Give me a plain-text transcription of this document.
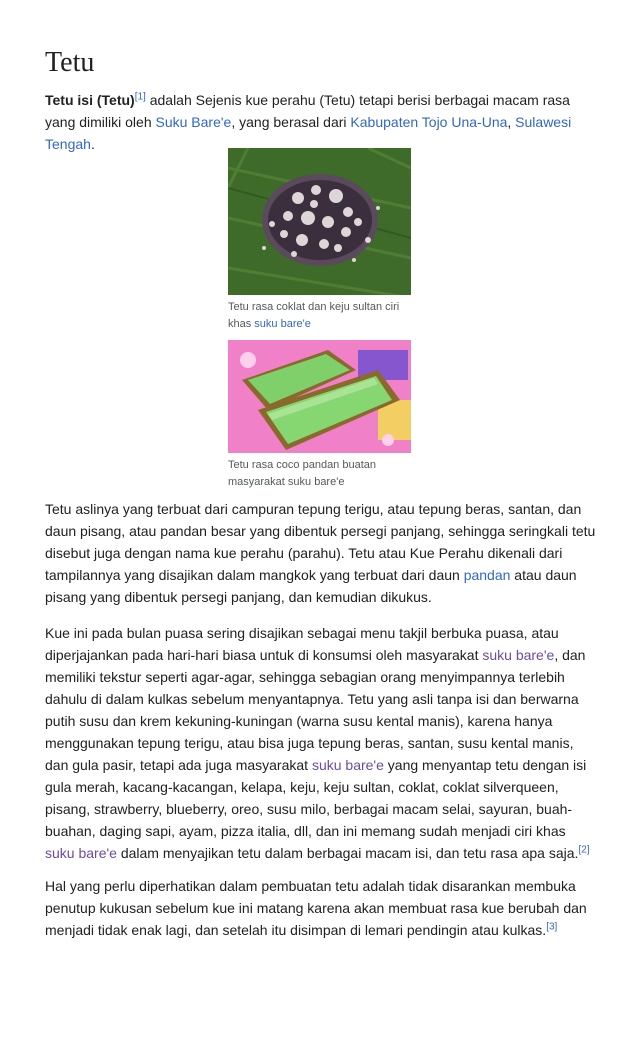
Tetu

Tetu isi (Tetu)[1] adalah Sejenis kue perahu (Tetu) tetapi berisi berbagai macam rasa yang dimiliki oleh Suku Bare'e, yang berasal dari Kabupaten Tojo Una-Una, Sulawesi Tengah.

Tetu rasa coklat dan keju sultan ciri khas suku bare'e
Tetu rasa coco pandan buatan masyarakat suku bare'e

Tetu aslinya yang terbuat dari campuran tepung terigu, atau tepung beras, santan, dan daun pisang, atau pandan besar yang dibentuk persegi panjang, sehingga seringkali tetu disebut juga dengan nama kue perahu (parahu). Tetu atau Kue Perahu dikenali dari tampilannya yang disajikan dalam mangkok yang terbuat dari daun pandan atau daun pisang yang dibentuk persegi panjang, dan kemudian dikukus.

Kue ini pada bulan puasa sering disajikan sebagai menu takjil berbuka puasa, atau diperjajankan pada hari-hari biasa untuk di konsumsi oleh masyarakat suku bare'e, dan memiliki tekstur seperti agar-agar, sehingga sebagian orang menyimpannya terlebih dahulu di dalam kulkas sebelum menyantapnya. Tetu yang asli tanpa isi dan berwarna putih susu dan krem kekuning-kuningan (warna susu kental manis), karena hanya menggunakan tepung terigu, atau bisa juga tepung beras, santan, susu kental manis, dan gula pasir, tetapi ada juga masyarakat suku bare'e yang menyantap tetu dengan isi gula merah, kacang-kacangan, kelapa, keju, keju sultan, coklat, coklat silverqueen, pisang, strawberry, blueberry, oreo, susu milo, berbagai macam selai, sayuran, buah-buahan, daging sapi, ayam, pizza italia, dll, dan ini memang sudah menjadi ciri khas suku bare'e dalam menyajikan tetu dalam berbagai macam isi, dan tetu rasa apa saja.[2]

Hal yang perlu diperhatikan dalam pembuatan tetu adalah tidak disarankan membuka penutup kukusan sebelum kue ini matang karena akan membuat rasa kue berubah dan menjadi tidak enak lagi, dan setelah itu disimpan di lemari pendingin atau kulkas.[3]
